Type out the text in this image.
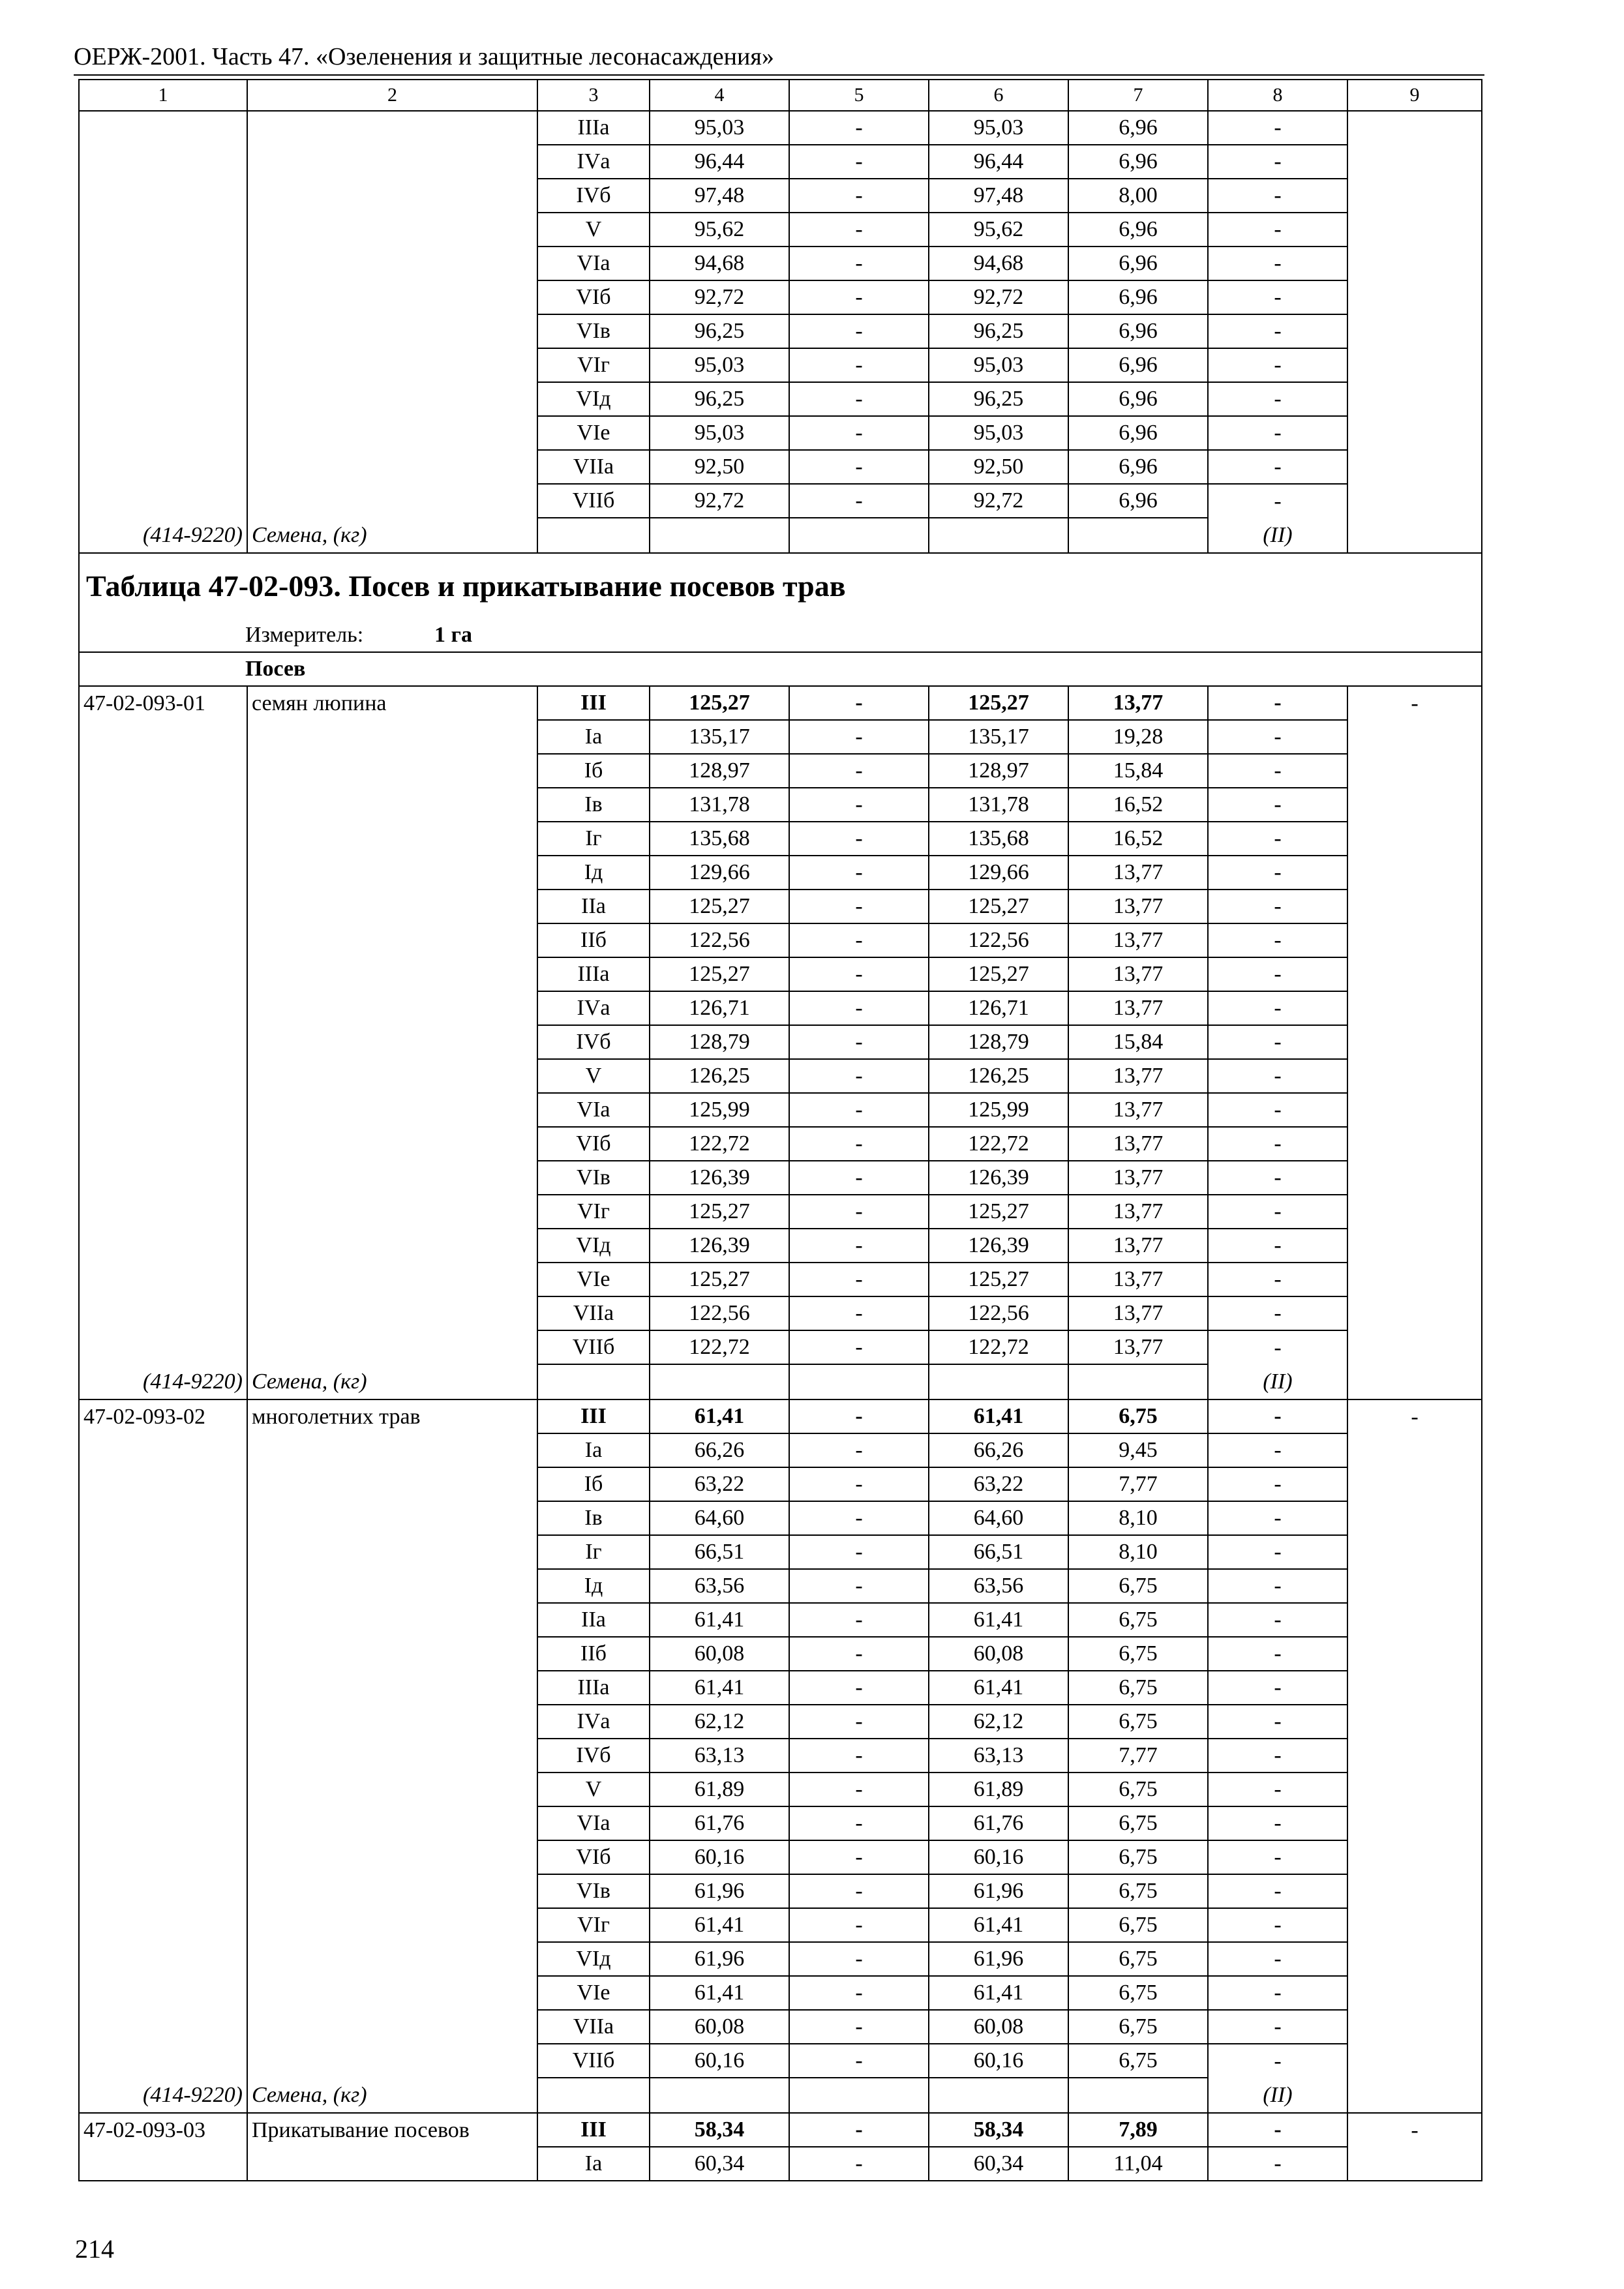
ОЕРЖ-2001. Часть 47. «Озеленения и защитные лесонасаждения»
1	2	3	4	5	6	7	8	9
		IIIа	95,03	-	95,03	6,96	-	
		IVа	96,44	-	96,44	6,96	-	
		IVб	97,48	-	97,48	8,00	-	
		V	95,62	-	95,62	6,96	-	
		VIа	94,68	-	94,68	6,96	-	
		VIб	92,72	-	92,72	6,96	-	
		VIв	96,25	-	96,25	6,96	-	
		VIг	95,03	-	95,03	6,96	-	
		VIд	96,25	-	96,25	6,96	-	
		VIе	95,03	-	95,03	6,96	-	
		VIIа	92,50	-	92,50	6,96	-	
		VIIб	92,72	-	92,72	6,96	-	
(414-9220)	Семена, (кг)						(II)	
Таблица 47-02-093. Посев и прикатывание посевов трав								
Измеритель: 1 га								
Посев								
47-02-093-01	семян люпина	III	125,27	-	125,27	13,77	-	-
		Iа	135,17	-	135,17	19,28	-	
		Iб	128,97	-	128,97	15,84	-	
		Iв	131,78	-	131,78	16,52	-	
		Iг	135,68	-	135,68	16,52	-	
		Iд	129,66	-	129,66	13,77	-	
		IIа	125,27	-	125,27	13,77	-	
		IIб	122,56	-	122,56	13,77	-	
		IIIа	125,27	-	125,27	13,77	-	
		IVа	126,71	-	126,71	13,77	-	
		IVб	128,79	-	128,79	15,84	-	
		V	126,25	-	126,25	13,77	-	
		VIа	125,99	-	125,99	13,77	-	
		VIб	122,72	-	122,72	13,77	-	
		VIв	126,39	-	126,39	13,77	-	
		VIг	125,27	-	125,27	13,77	-	
		VIд	126,39	-	126,39	13,77	-	
		VIе	125,27	-	125,27	13,77	-	
		VIIа	122,56	-	122,56	13,77	-	
		VIIб	122,72	-	122,72	13,77	-	
(414-9220)	Семена, (кг)						(II)	
47-02-093-02	многолетних трав	III	61,41	-	61,41	6,75	-	-
		Iа	66,26	-	66,26	9,45	-	
		Iб	63,22	-	63,22	7,77	-	
		Iв	64,60	-	64,60	8,10	-	
		Iг	66,51	-	66,51	8,10	-	
		Iд	63,56	-	63,56	6,75	-	
		IIа	61,41	-	61,41	6,75	-	
		IIб	60,08	-	60,08	6,75	-	
		IIIа	61,41	-	61,41	6,75	-	
		IVа	62,12	-	62,12	6,75	-	
		IVб	63,13	-	63,13	7,77	-	
		V	61,89	-	61,89	6,75	-	
		VIа	61,76	-	61,76	6,75	-	
		VIб	60,16	-	60,16	6,75	-	
		VIв	61,96	-	61,96	6,75	-	
		VIг	61,41	-	61,41	6,75	-	
		VIд	61,96	-	61,96	6,75	-	
		VIе	61,41	-	61,41	6,75	-	
		VIIа	60,08	-	60,08	6,75	-	
		VIIб	60,16	-	60,16	6,75	-	
(414-9220)	Семена, (кг)						(II)	
47-02-093-03	Прикатывание посевов	III	58,34	-	58,34	7,89	-	-
		Iа	60,34	-	60,34	11,04	-	
214
